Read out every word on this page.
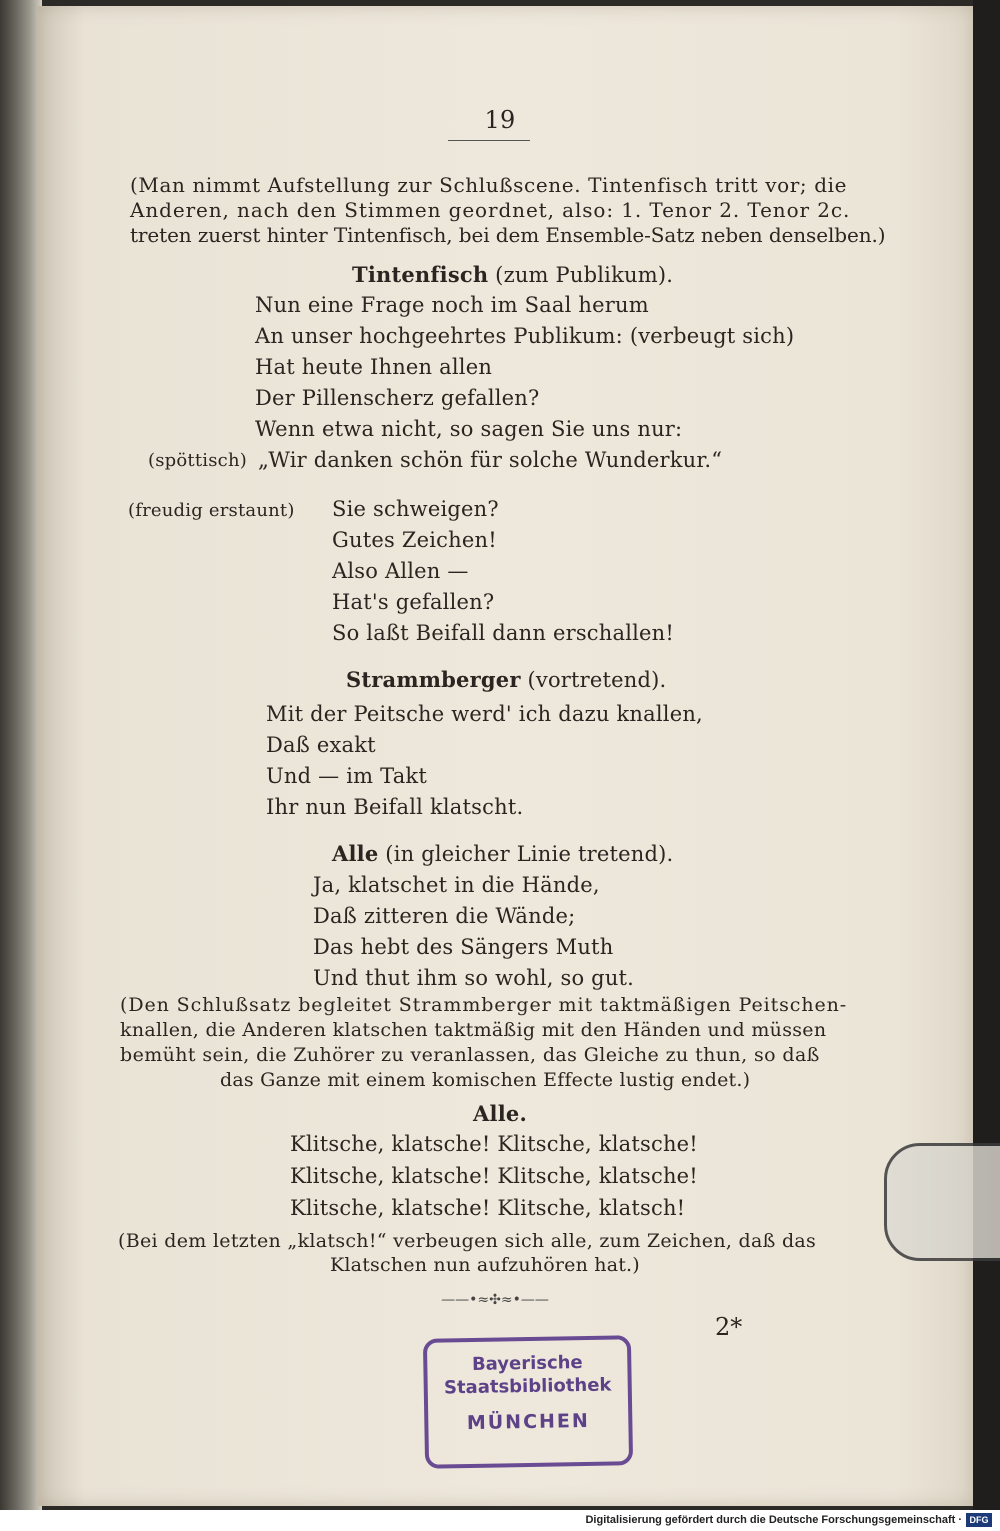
19
(Man nimmt Aufstellung zur Schlußscene. Tintenfisch tritt vor; die
Anderen, nach den Stimmen geordnet, also: 1. Tenor 2. Tenor 2c.
treten zuerst hinter Tintenfisch, bei dem Ensemble-Satz neben denselben.)
Tintenfisch (zum Publikum).
Nun eine Frage noch im Saal herum
An unser hochgeehrtes Publikum: (verbeugt sich)
Hat heute Ihnen allen
Der Pillenscherz gefallen?
Wenn etwa nicht, so sagen Sie uns nur:
(spöttisch) „Wir danken schön für solche Wunderkur.“
(freudig erstaunt) Sie schweigen?
Gutes Zeichen!
Also Allen —
Hat's gefallen?
So laßt Beifall dann erschallen!
Strammberger (vortretend).
Mit der Peitsche werd' ich dazu knallen,
Daß exakt
Und — im Takt
Ihr nun Beifall klatscht.
Alle (in gleicher Linie tretend).
Ja, klatschet in die Hände,
Daß zitteren die Wände;
Das hebt des Sängers Muth
Und thut ihm so wohl, so gut.
(Den Schlußsatz begleitet Strammberger mit taktmäßigen Peitschen-
knallen, die Anderen klatschen taktmäßig mit den Händen und müssen
bemüht sein, die Zuhörer zu veranlassen, das Gleiche zu thun, so daß
das Ganze mit einem komischen Effecte lustig endet.)
Alle.
Klitsche, klatsche! Klitsche, klatsche!
Klitsche, klatsche! Klitsche, klatsche!
Klitsche, klatsche! Klitsche, klatsch!
(Bei dem letzten „klatsch!“ verbeugen sich alle, zum Zeichen, daß das
Klatschen nun aufzuhören hat.)
——•≈✣≈•——
2*
Bayerische
Staatsbibliothek
MÜNCHEN
Digitalisierung gefördert durch die Deutsche Forschungsgemeinschaft · DFG
